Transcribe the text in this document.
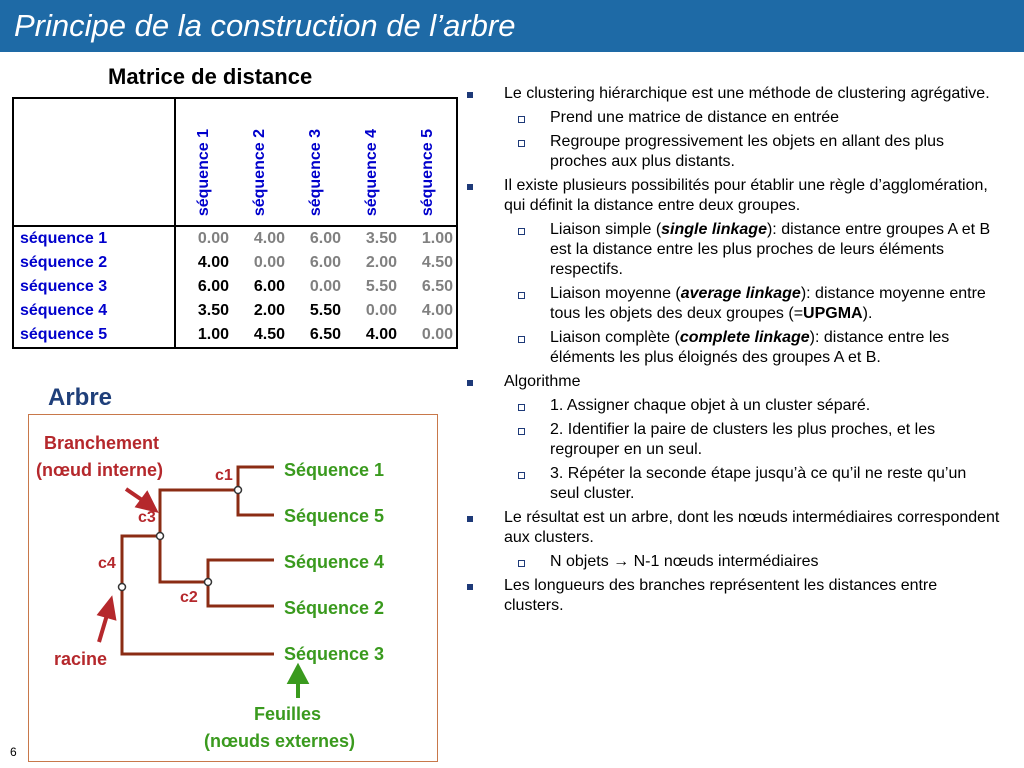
Principe de la construction de l’arbre
Matrice de distance
	séquence 1	séquence 2	séquence 3	séquence 4	séquence 5
séquence 1	0.00	4.00	6.00	3.50	1.00
séquence 2	4.00	0.00	6.00	2.00	4.50
séquence 3	6.00	6.00	0.00	5.50	6.50
séquence 4	3.50	2.00	5.50	0.00	4.00
séquence 5	1.00	4.50	6.50	4.00	0.00
Arbre
Branchement
(nœud interne)
racine
c1
c3
c4
c2
Séquence 1
Séquence 5
Séquence 4
Séquence 2
Séquence 3
Feuilles
(nœuds externes)
Le clustering hiérarchique est une méthode de clustering agrégative.
Prend une matrice de distance en entrée
Regroupe progressivement les objets en allant des plus proches aux plus distants.
Il existe plusieurs possibilités pour établir une règle d’agglomération, qui définit la distance entre deux groupes.
Liaison simple (single linkage): distance entre groupes A et B est la distance entre les plus proches de leurs éléments respectifs.
Liaison moyenne (average linkage): distance moyenne entre tous les objets des deux groupes (=UPGMA).
Liaison complète (complete linkage): distance entre les éléments les plus éloignés des groupes A et B.
Algorithme
1. Assigner chaque objet à un cluster séparé.
2. Identifier la paire de clusters les plus proches, et les regrouper en un seul.
3. Répéter la seconde étape jusqu’à ce qu’il ne reste qu’un seul cluster.
Le résultat est un arbre, dont les nœuds intermédiaires correspondent aux clusters.
N objets → N-1 nœuds intermédiaires
Les longueurs des branches représentent les distances entre clusters.
6
